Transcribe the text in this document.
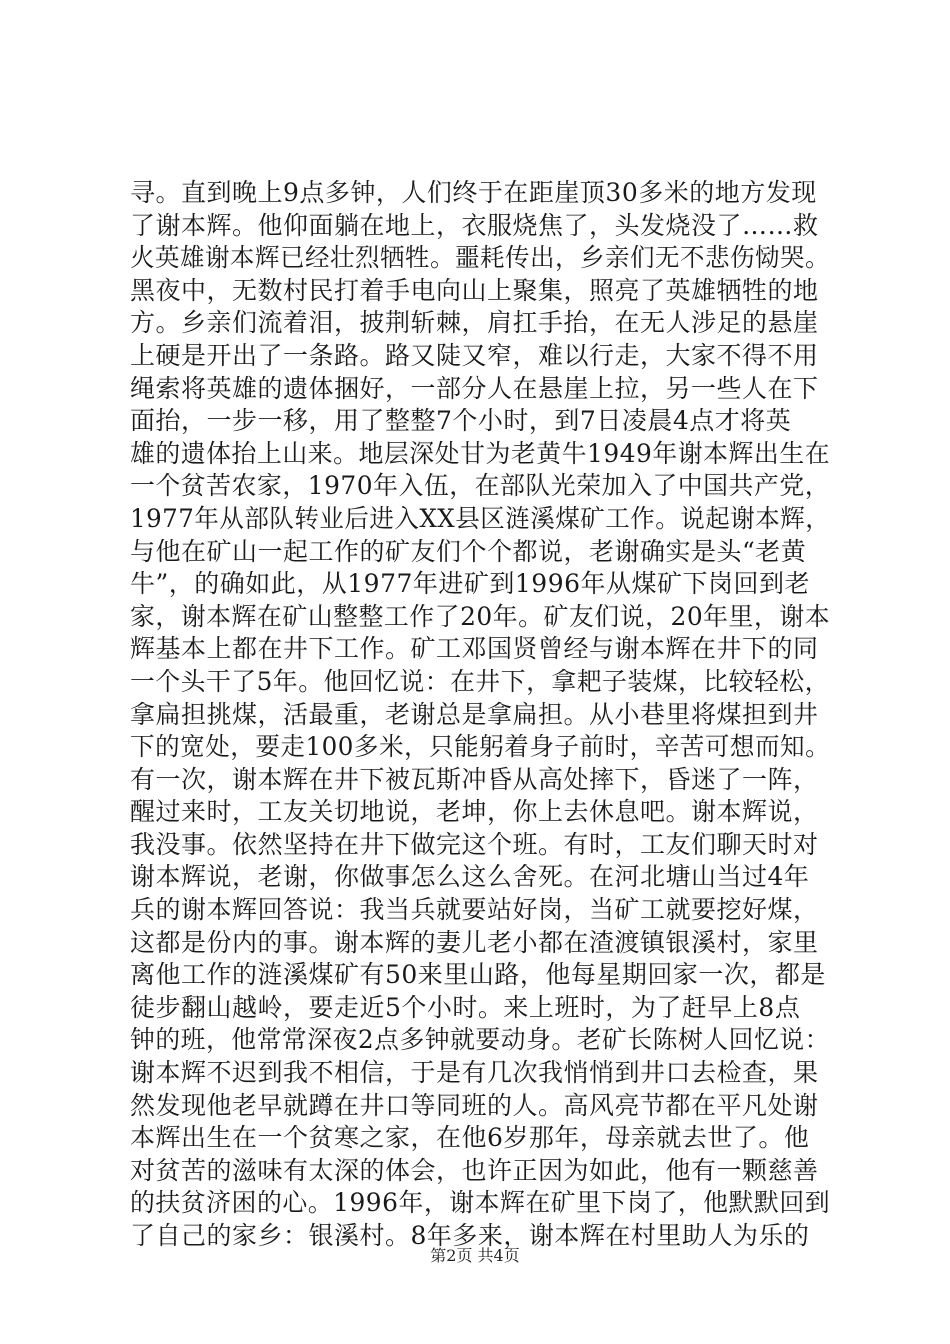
寻。直到晚上9点多钟，人们终于在距崖顶30多米的地方发现
了谢本辉。他仰面躺在地上，衣服烧焦了，头发烧没了……救
火英雄谢本辉已经壮烈牺牲。噩耗传出，乡亲们无不悲伤恸哭。
黑夜中，无数村民打着手电向山上聚集，照亮了英雄牺牲的地
方。乡亲们流着泪，披荆斩棘，肩扛手抬，在无人涉足的悬崖
上硬是开出了一条路。路又陡又窄，难以行走，大家不得不用
绳索将英雄的遗体捆好，一部分人在悬崖上拉，另一些人在下
面抬，一步一移，用了整整7个小时，到7日凌晨4点才将英
雄的遗体抬上山来。地层深处甘为老黄牛1949年谢本辉出生在
一个贫苦农家，1970年入伍，在部队光荣加入了中国共产党，
1977年从部队转业后进入XX县区涟溪煤矿工作。说起谢本辉，
与他在矿山一起工作的矿友们个个都说，老谢确实是头“老黄
牛”，的确如此，从1977年进矿到1996年从煤矿下岗回到老
家，谢本辉在矿山整整工作了20年。矿友们说，20年里，谢本
辉基本上都在井下工作。矿工邓国贤曾经与谢本辉在井下的同
一个头干了5年。他回忆说：在井下，拿耙子装煤，比较轻松，
拿扁担挑煤，活最重，老谢总是拿扁担。从小巷里将煤担到井
下的宽处，要走100多米，只能躬着身子前时，辛苦可想而知。
有一次，谢本辉在井下被瓦斯冲昏从高处摔下，昏迷了一阵，
醒过来时，工友关切地说，老坤，你上去休息吧。谢本辉说，
我没事。依然坚持在井下做完这个班。有时，工友们聊天时对
谢本辉说，老谢，你做事怎么这么舍死。在河北塘山当过4年
兵的谢本辉回答说：我当兵就要站好岗，当矿工就要挖好煤，
这都是份内的事。谢本辉的妻儿老小都在渣渡镇银溪村，家里
离他工作的涟溪煤矿有50来里山路，他每星期回家一次，都是
徒步翻山越岭，要走近5个小时。来上班时，为了赶早上8点
钟的班，他常常深夜2点多钟就要动身。老矿长陈树人回忆说：
谢本辉不迟到我不相信，于是有几次我悄悄到井口去检查，果
然发现他老早就蹲在井口等同班的人。高风亮节都在平凡处谢
本辉出生在一个贫寒之家，在他6岁那年，母亲就去世了。他
对贫苦的滋味有太深的体会，也许正因为如此，他有一颗慈善
的扶贫济困的心。1996年，谢本辉在矿里下岗了，他默默回到
了自己的家乡：银溪村。8年多来，谢本辉在村里助人为乐的
第2页 共4页
